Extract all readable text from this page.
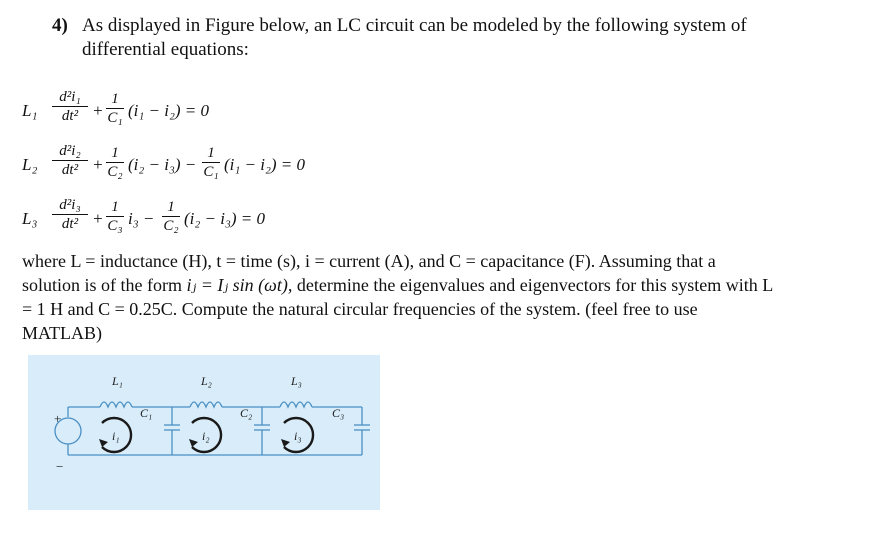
4) As displayed in Figure below, an LC circuit can be modeled by the following system of
differential equations:
L₁
d²i₁
dt² +
1
C₁ (i₁ − i₂) = 0
L₂
d²i₂
dt² +
1
C₂ (i₂ − i₃) −
1
C₁ (i₁ − i₂) = 0
L₃
d²i₃
dt² +
1
C₃ i₃ −
1
C₂ (i₂ − i₃) = 0
where L = inductance (H), t = time (s), i = current (A), and C = capacitance (F). Assuming that a
solution is of the form iⱼ = Iⱼ sin (ωt), determine the eigenvalues and eigenvectors for this system with L
= 1 H and C = 0.25C. Compute the natural circular frequencies of the system. (feel free to use
MATLAB)
L₁	L₂	L₃
C₁	C₂	C₃
i₁	i₂	i₃
+
−
